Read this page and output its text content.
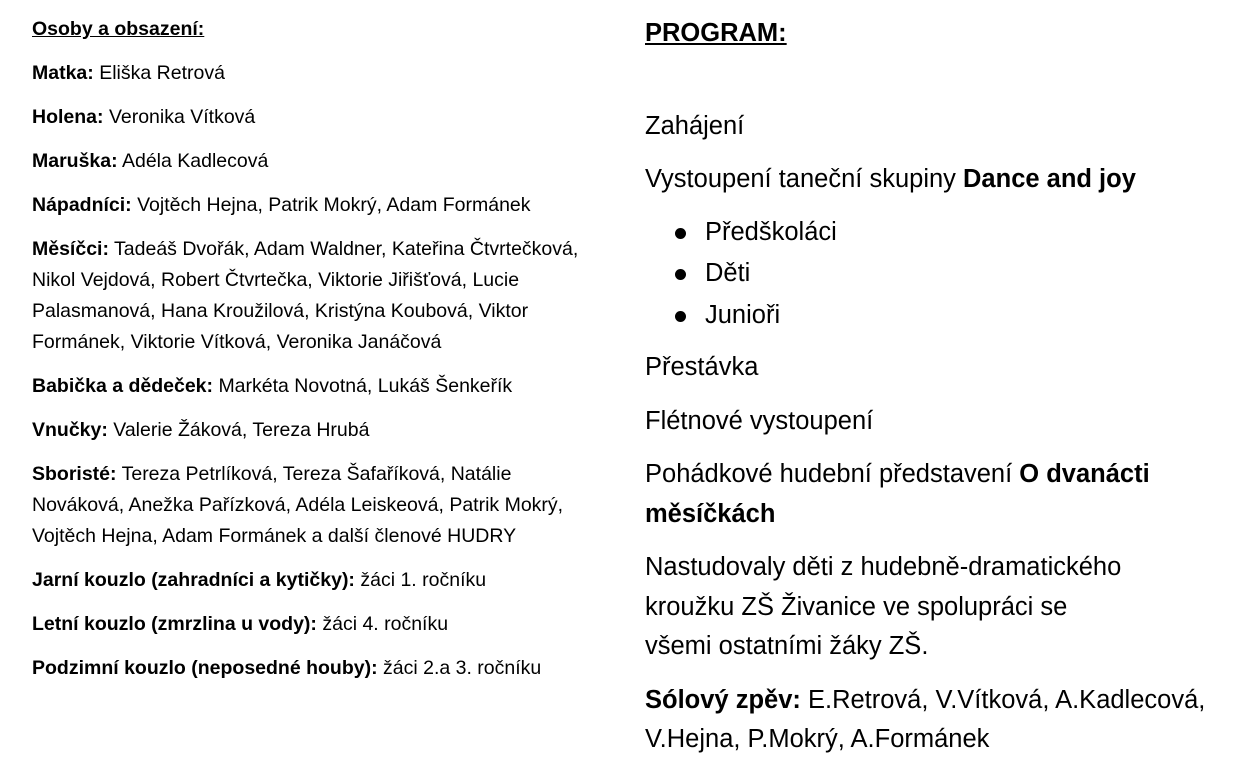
Osoby a obsazení:
Matka: Eliška Retrová
Holena: Veronika Vítková
Maruška: Adéla Kadlecová
Nápadníci: Vojtěch Hejna, Patrik Mokrý, Adam Formánek
Měsíčci: Tadeáš Dvořák, Adam Waldner, Kateřina Čtvrtečková, Nikol Vejdová, Robert Čtvrtečka, Viktorie Jiřišťová, Lucie Palasmanová, Hana Kroužilová, Kristýna Koubová, Viktor Formánek, Viktorie Vítková, Veronika Janáčová
Babička a dědeček: Markéta Novotná, Lukáš Šenkeřík
Vnučky: Valerie Žáková, Tereza Hrubá
Sboristé: Tereza Petrlíková, Tereza Šafaříková, Natálie Nováková, Anežka Pařízková, Adéla Leiskeová, Patrik Mokrý, Vojtěch Hejna, Adam Formánek a další členové HUDRY
Jarní kouzlo (zahradníci a kytičky): žáci 1. ročníku
Letní kouzlo (zmrzlina u vody): žáci 4. ročníku
Podzimní kouzlo (neposedné houby): žáci 2.a 3. ročníku

PROGRAM:

Zahájení

Vystoupení taneční skupiny Dance and joy

Předškoláci
Děti
Junioři

Přestávka

Flétnové vystoupení

Pohádkové hudební představení O dvanácti měsíčkách

Nastudovaly děti z hudebně-dramatického
kroužku ZŠ Živanice ve spolupráci se
všemi ostatními žáky ZŠ.

Sólový zpěv: E.Retrová, V.Vítková, A.Kadlecová, V.Hejna, P.Mokrý, A.Formánek
